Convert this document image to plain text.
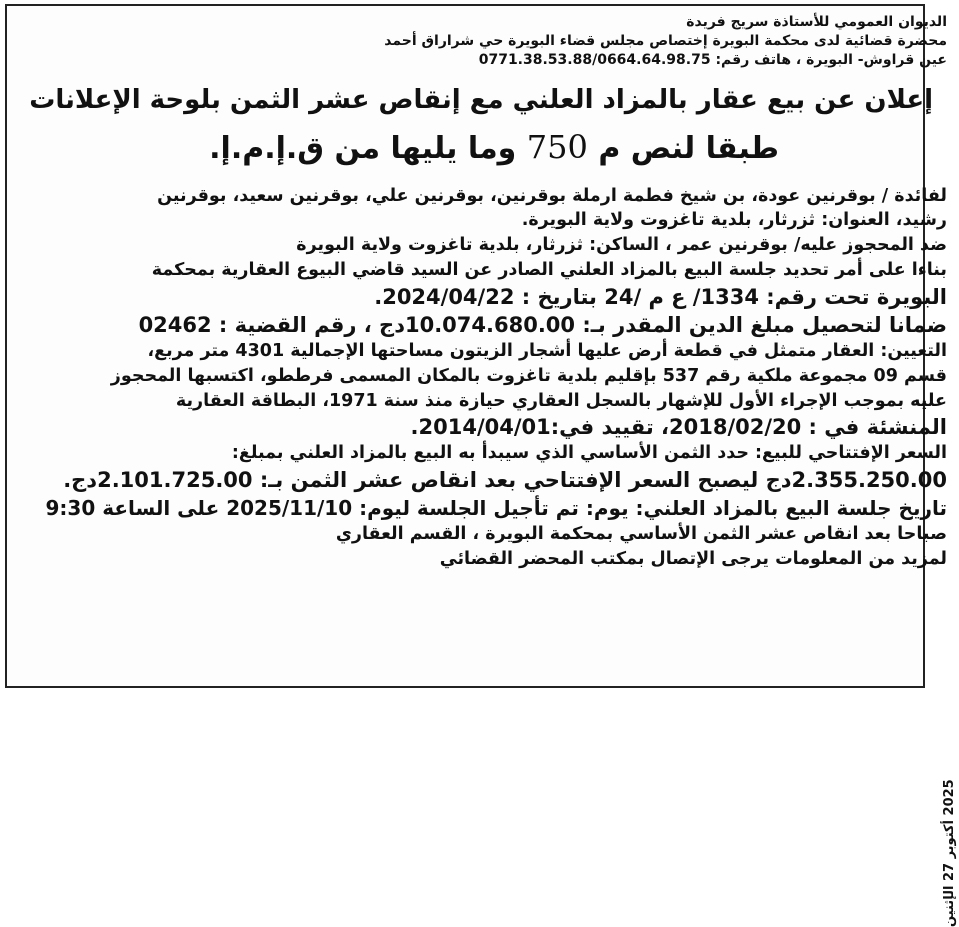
الديوان العمومي للأستاذة سريج فريدة
محضرة قضائية لدى محكمة البويرة إختصاص مجلس قضاء البويرة حي شراراق أحمد
عين قراوش- البويرة ، هاتف رقم: 0771.38.53.88/0664.64.98.75
إعلان عن بيع عقار بالمزاد العلني مع إنقاص عشر الثمن بلوحة الإعلانات
طبقا لنص م 750 وما يليها من ق.إ.م.إ.
لفائدة / بوقرنين عودة، بن شيخ فطمة ارملة بوقرنين، بوقرنين علي، بوقرنين سعيد، بوقرنين
رشيد، العنوان: ثزرثار، بلدية تاغزوت ولاية البويرة.
ضد المحجوز عليه/ بوقرنين عمر ، الساكن: ثزرثار، بلدية تاغزوت ولاية البويرة
بناءا على أمر تحديد جلسة البيع بالمزاد العلني الصادر عن السيد قاضي البيوع العقارية بمحكمة
البويرة تحت رقم: 1334/ ع م /24 بتاريخ : 2024/04/22.
ضمانا لتحصيل مبلغ الدين المقدر بـ: 10.074.680.00دج ، رقم القضية : 02462
التعيين: العقار متمثل في قطعة أرض عليها أشجار الزيتون مساحتها الإجمالية 4301 متر مربع،
قسم 09 مجموعة ملكية رقم 537 بإقليم بلدية تاغزوت بالمكان المسمى فرططو، اكتسبها المحجوز
عليه بموجب الإجراء الأول للإشهار بالسجل العقاري حيازة منذ سنة 1971، البطاقة العقارية
المنشئة في : 2018/02/20، تقييد في:2014/04/01.
السعر الإفتتاحي للبيع: حدد الثمن الأساسي الذي سيبدأ به البيع بالمزاد العلني بمبلغ:
2.355.250.00دج ليصبح السعر الإفتتاحي بعد انقاص عشر الثمن بـ: 2.101.725.00دج.
تاريخ جلسة البيع بالمزاد العلني: يوم: تم تأجيل الجلسة ليوم: 2025/11/10 على الساعة 9:30
صباحا بعد انقاص عشر الثمن الأساسي بمحكمة البويرة ، القسم العقاري
لمزيد من المعلومات يرجى الإتصال بمكتب المحضر القضائي
2025 أكتوبر 27 الإثنين
